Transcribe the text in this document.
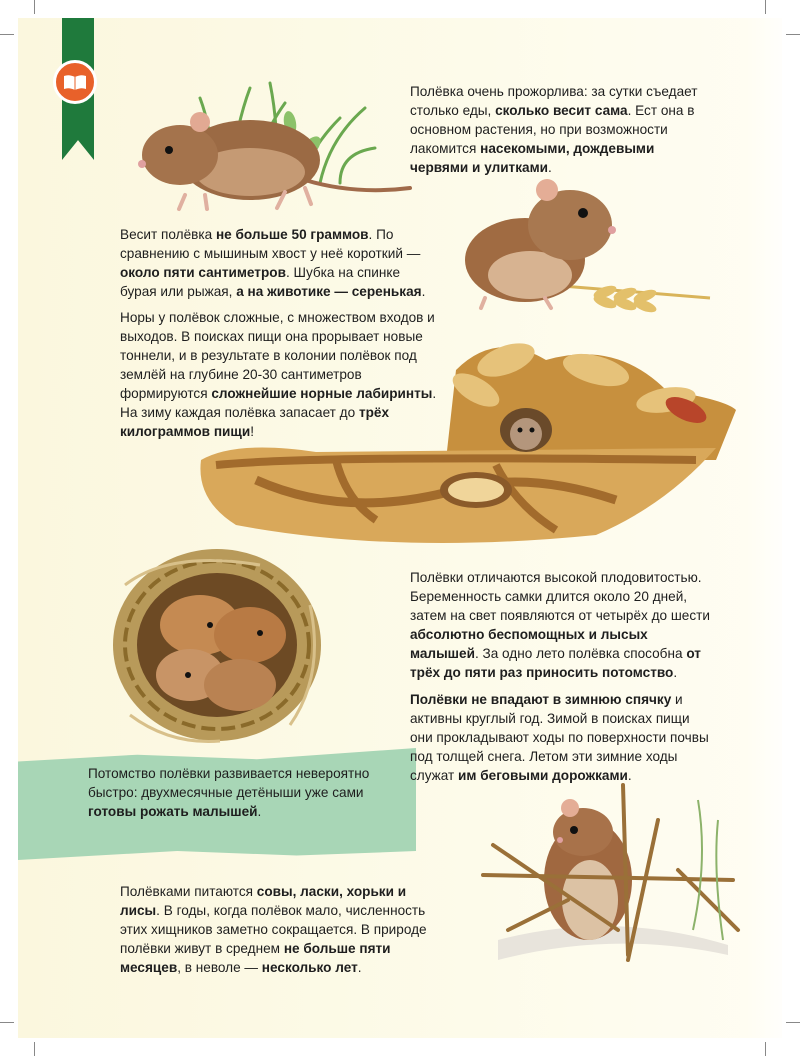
Полёвка очень прожорлива: за сутки съедает столько еды, сколько весит сама. Ест она в основном растения, но при возможности лакомится насекомыми, дождевыми червями и улитками.

Весит полёвка не больше 50 граммов. По сравнению с мышиным хвост у неё короткий — около пяти сантиметров. Шубка на спинке бурая или рыжая, а на животике — серенькая.

Норы у полёвок сложные, с множеством входов и выходов. В поисках пищи она прорывает новые тоннели, и в результате в колонии полёвок под землёй на глубине 20-30 сантиметров формируются сложнейшие норные лабиринты. На зиму каждая полёвка запасает до трёх килограммов пищи!

Полёвки отличаются высокой плодовитостью. Беременность самки длится около 20 дней, затем на свет появляются от четырёх до шести абсолютно беспомощных и лысых малышей. За одно лето полёвка способна от трёх до пяти раз приносить потомство.

Полёвки не впадают в зимнюю спячку и активны круглый год. Зимой в поисках пищи они прокладывают ходы по поверхности почвы под толщей снега. Летом эти зимние ходы служат им беговыми дорожками.

Потомство полёвки развивается невероятно быстро: двухмесячные детёныши уже сами готовы рожать малышей.

Полёвками питаются совы, ласки, хорьки и лисы. В годы, когда полёвок мало, численность этих хищников заметно сокращается. В природе полёвки живут в среднем не больше пяти месяцев, в неволе — несколько лет.
